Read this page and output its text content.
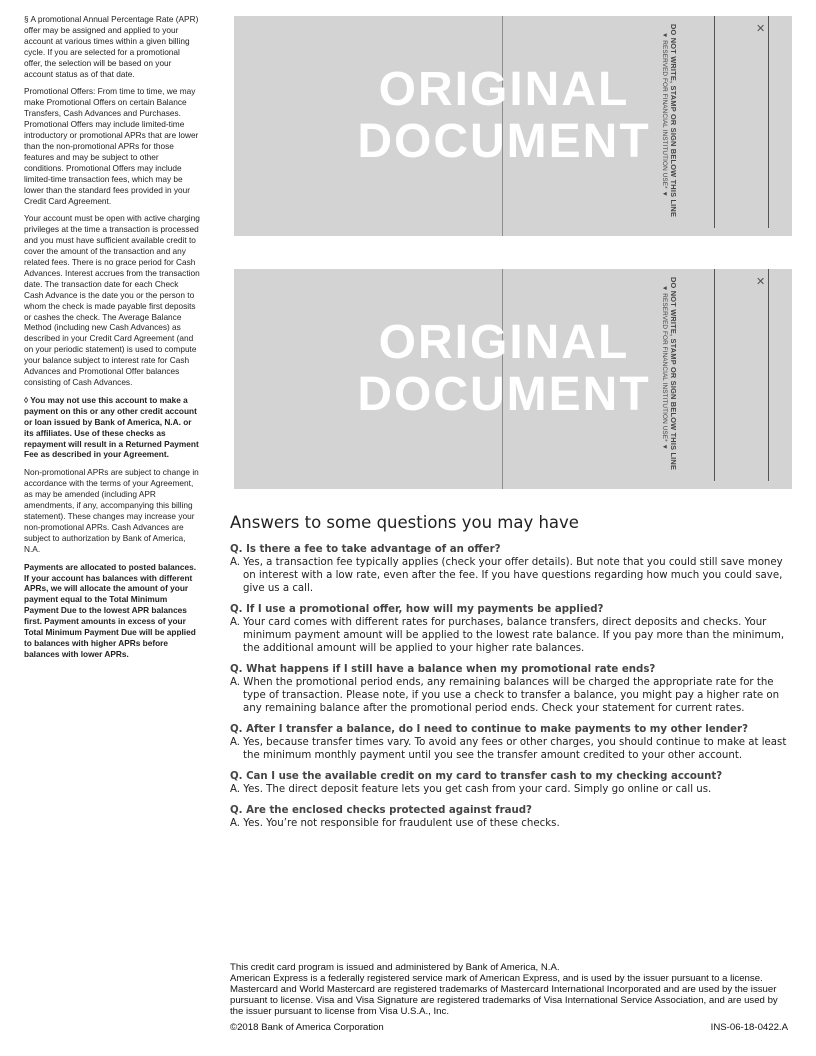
§ A promotional Annual Percentage Rate (APR) offer may be assigned and applied to your account at various times within a given billing cycle. If you are selected for a promotional offer, the selection will be based on your account status as of that date.

Promotional Offers: From time to time, we may make Promotional Offers on certain Balance Transfers, Cash Advances and Purchases. Promotional Offers may include limited-time introductory or promotional APRs that are lower than the non-promotional APRs for those features and may be subject to other conditions. Promotional Offers may include limited-time transaction fees, which may be lower than the standard fees provided in your Credit Card Agreement.

Your account must be open with active charging privileges at the time a transaction is processed and you must have sufficient available credit to cover the amount of the transaction and any related fees. There is no grace period for Cash Advances. Interest accrues from the transaction date. The transaction date for each Check Cash Advance is the date you or the person to whom the check is made payable first deposits or cashes the check. The Average Balance Method (including new Cash Advances) as described in your Credit Card Agreement (and on your periodic statement) is used to compute your balance subject to interest rate for Cash Advances and Promotional Offer balances consisting of Cash Advances.

◊ You may not use this account to make a payment on this or any other credit account or loan issued by Bank of America, N.A. or its affiliates. Use of these checks as repayment will result in a Returned Payment Fee as described in your Agreement.

Non-promotional APRs are subject to change in accordance with the terms of your Agreement, as may be amended (including APR amendments, if any, accompanying this billing statement). These changes may increase your non-promotional APRs. Cash Advances are subject to authorization by Bank of America, N.A.

Payments are allocated to posted balances. If your account has balances with different APRs, we will allocate the amount of your payment equal to the Total Minimum Payment Due to the lowest APR balances first. Payment amounts in excess of your Total Minimum Payment Due will be applied to balances with higher APRs before balances with lower APRs.

ORIGINAL
DOCUMENT	DO NOT WRITE, STAMP OR SIGN BELOW THIS LINE
▼ RESERVED FOR FINANCIAL INSTITUTION USE* ▼
✕
ORIGINAL
DOCUMENT	DO NOT WRITE, STAMP OR SIGN BELOW THIS LINE
▼ RESERVED FOR FINANCIAL INSTITUTION USE* ▼
✕
Answers to some questions you may have
Q. Is there a fee to take advantage of an offer?
A. Yes, a transaction fee typically applies (check your offer details). But note that you could still save money on interest with a low rate, even after the fee. If you have questions regarding how much you could save, give us a call.
Q. If I use a promotional offer, how will my payments be applied?
A. Your card comes with different rates for purchases, balance transfers, direct deposits and checks. Your minimum payment amount will be applied to the lowest rate balance. If you pay more than the minimum, the additional amount will be applied to your higher rate balances.
Q. What happens if I still have a balance when my promotional rate ends?
A. When the promotional period ends, any remaining balances will be charged the appropriate rate for the type of transaction. Please note, if you use a check to transfer a balance, you might pay a higher rate on any remaining balance after the promotional period ends. Check your statement for current rates.
Q. After I transfer a balance, do I need to continue to make payments to my other lender?
A. Yes, because transfer times vary. To avoid any fees or other charges, you should continue to make at least the minimum monthly payment until you see the transfer amount credited to your other account.
Q. Can I use the available credit on my card to transfer cash to my checking account?
A. Yes. The direct deposit feature lets you get cash from your card. Simply go online or call us.
Q. Are the enclosed checks protected against fraud?
A. Yes. You’re not responsible for fraudulent use of these checks.

This credit card program is issued and administered by Bank of America, N.A.

American Express is a federally registered service mark of American Express, and is used by the issuer pursuant to a license. Mastercard and World Mastercard are registered trademarks of Mastercard International Incorporated and are used by the issuer pursuant to license. Visa and Visa Signature are registered trademarks of Visa International Service Association, and are used by the issuer pursuant to license from Visa U.S.A., Inc.

©2018 Bank of America Corporation	INS-06-18-0422.A
